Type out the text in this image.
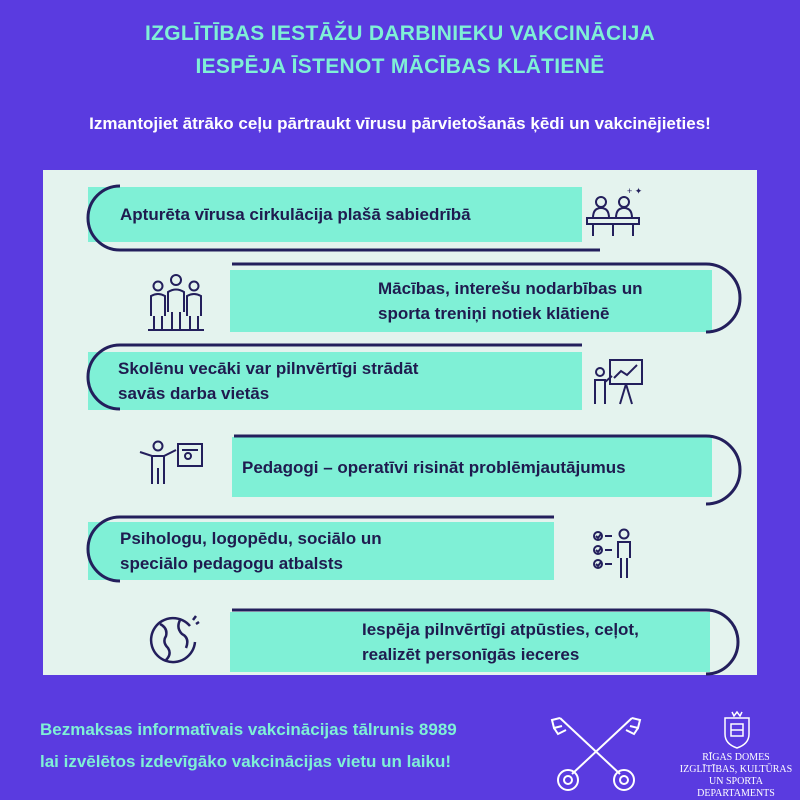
IZGLĪTĪBAS IESTĀŽU DARBINIEKU VAKCINĀCIJA
IESPĒJA ĪSTENOT MĀCĪBAS KLĀTIENĒ
Izmantojiet ātrāko ceļu pārtraukt vīrusu pārvietošanās ķēdi un vakcinējieties!
Apturēta vīrusa cirkulācija plašā sabiedrībā
+ ✦
Mācības, interešu nodarbības un
sporta treniņi notiek klātienē
Skolēnu vecāki var pilnvērtīgi strādāt
savās darba vietās
Pedagogi – operatīvi risināt problēmjautājumus
Psihologu, logopēdu, sociālo un
speciālo pedagogu atbalsts
Iespēja pilnvērtīgi atpūsties, ceļot,
realizēt personīgās ieceres
Bezmaksas informatīvais vakcinācijas tālrunis 8989
lai izvēlētos izdevīgāko vakcinācijas vietu un laiku!	RĪGAS DOMES
IZGLĪTĪBAS, KULTŪRAS
UN SPORTA DEPARTAMENTS
